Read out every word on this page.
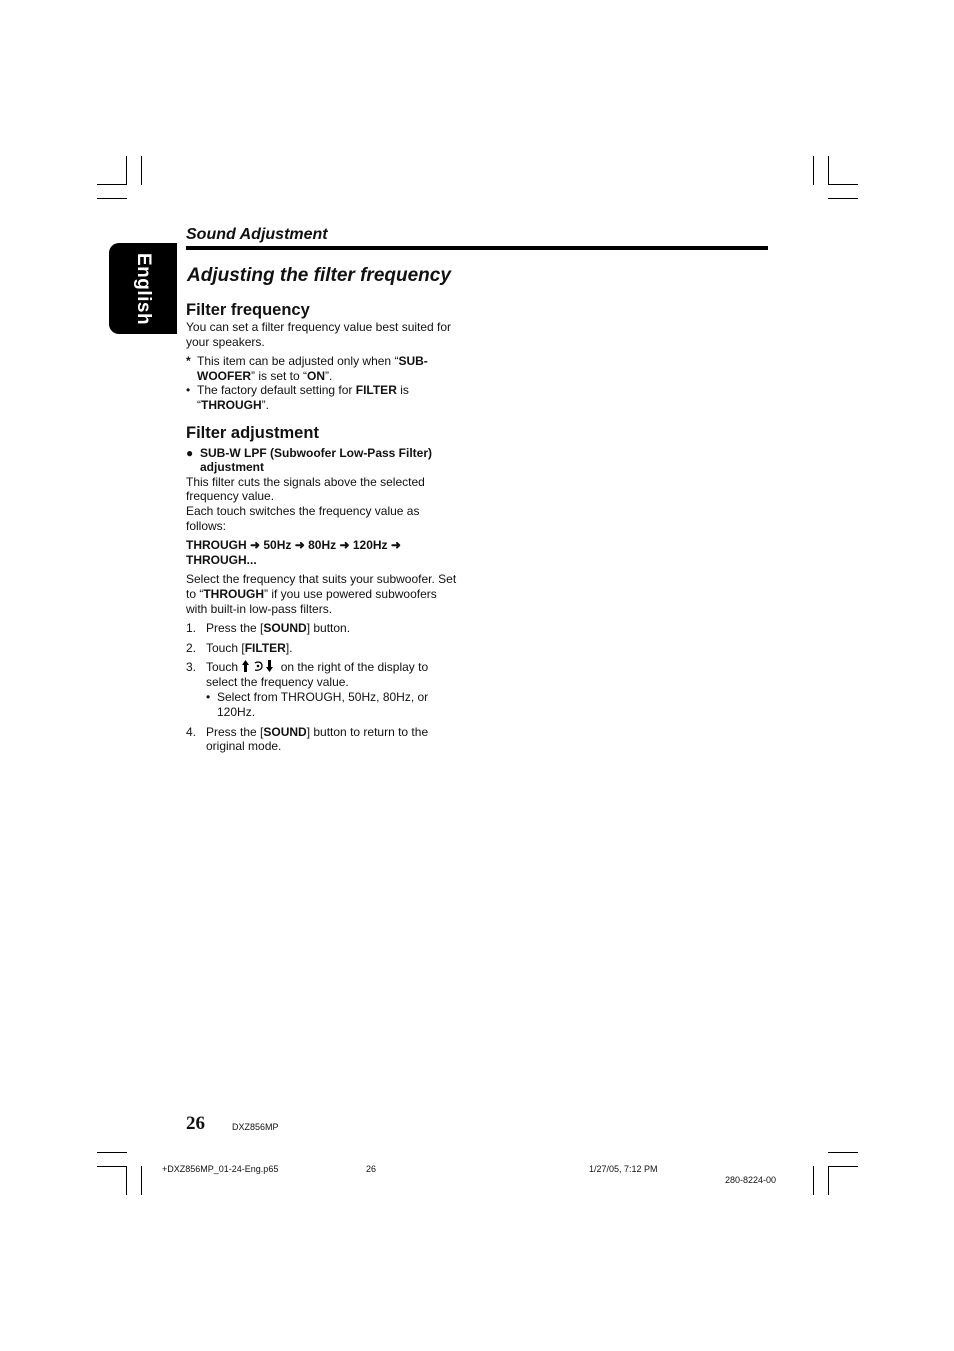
English
Sound Adjustment
Adjusting the filter frequency
Filter frequency

You can set a filter frequency value best suited for your speakers.

* This item can be adjusted only when “SUB-WOOFER” is set to “ON”.
• The factory default setting for FILTER is “THROUGH”.
Filter adjustment
● SUB-W LPF (Subwoofer Low-Pass Filter) adjustment

This filter cuts the signals above the selected frequency value.

Each touch switches the frequency value as follows:

THROUGH ➜ 50Hz ➜ 80Hz ➜ 120Hz ➜ THROUGH...

Select the frequency that suits your subwoofer. Set to “THROUGH” if you use powered subwoofers with built-in low-pass filters.

1. Press the [SOUND] button.
2. Touch [FILTER].
3. Touch	on the right of the display to select the frequency value.
• Select from THROUGH, 50Hz, 80Hz, or 120Hz.
4. Press the [SOUND] button to return to the original mode.
26	DXZ856MP
+DXZ856MP_01-24-Eng.p65	26	1/27/05, 7:12 PM
280-8224-00
